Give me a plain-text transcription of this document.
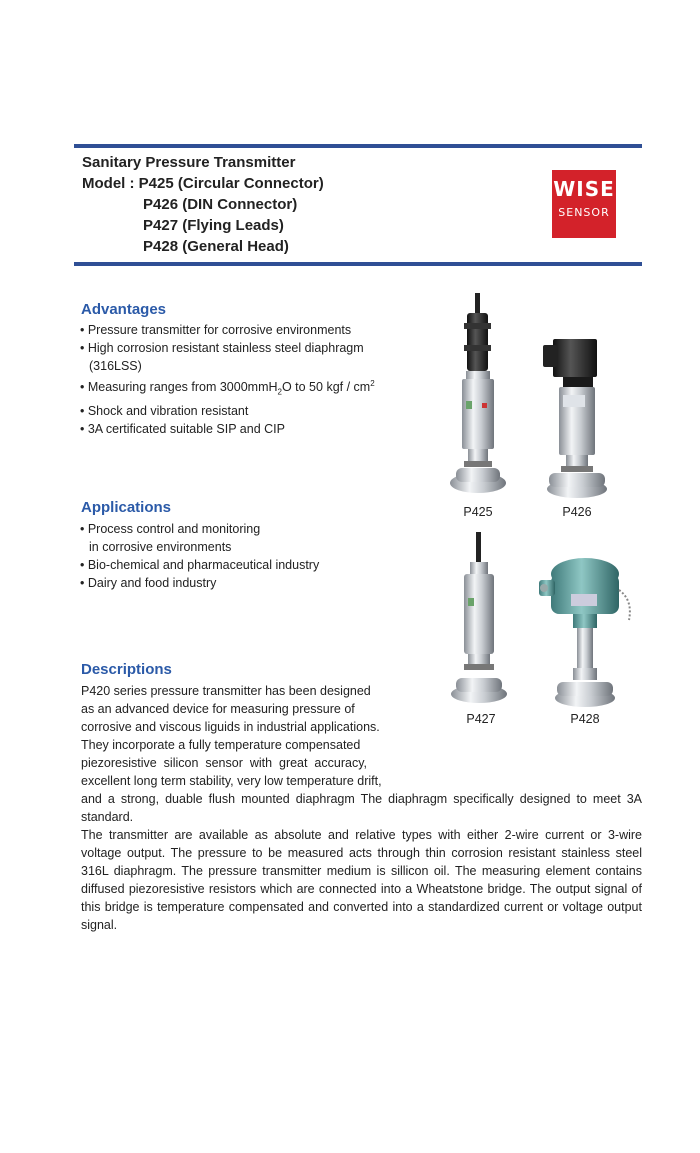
Sanitary Pressure Transmitter
Model : P425 (Circular Connector)
P426 (DIN Connector)
P427 (Flying Leads)
P428 (General Head)
WISE
SENSOR
Advantages
• Pressure transmitter for corrosive environments
• High corrosion resistant stainless steel diaphragm
(316LSS)
• Measuring ranges from 3000mmH$_2$O to 50 kgf / $cm^2$
• Shock and vibration resistant
• 3A certificated suitable SIP and CIP
Applications
• Process control and monitoring
in corrosive environments
• Bio-chemical and pharmaceutical industry
• Dairy and food industry
Descriptions
P420 series pressure transmitter has been designed
as an advanced device for measuring pressure of
corrosive and viscous liguids in industrial applications.
They incorporate a fully temperature compensated
piezoresistive  silicon  sensor  with  great  accuracy,
excellent long term stability, very low temperature drift,

and a strong, duable flush mounted diaphragm The diaphragm specifically designed to meet 3A standard.

The transmitter are available as absolute and relative types with either 2-wire current or 3-wire voltage output. The pressure to be measured acts through thin corrosion resistant stainless steel 316L diaphragm. The pressure transmitter medium is sillicon oil. The measuring element contains diffused piezoresistive resistors which are connected into a Wheatstone bridge. The output signal of this bridge is temperature compensated and converted into a standardized current or voltage output signal.

P425	P426
P427	P428
